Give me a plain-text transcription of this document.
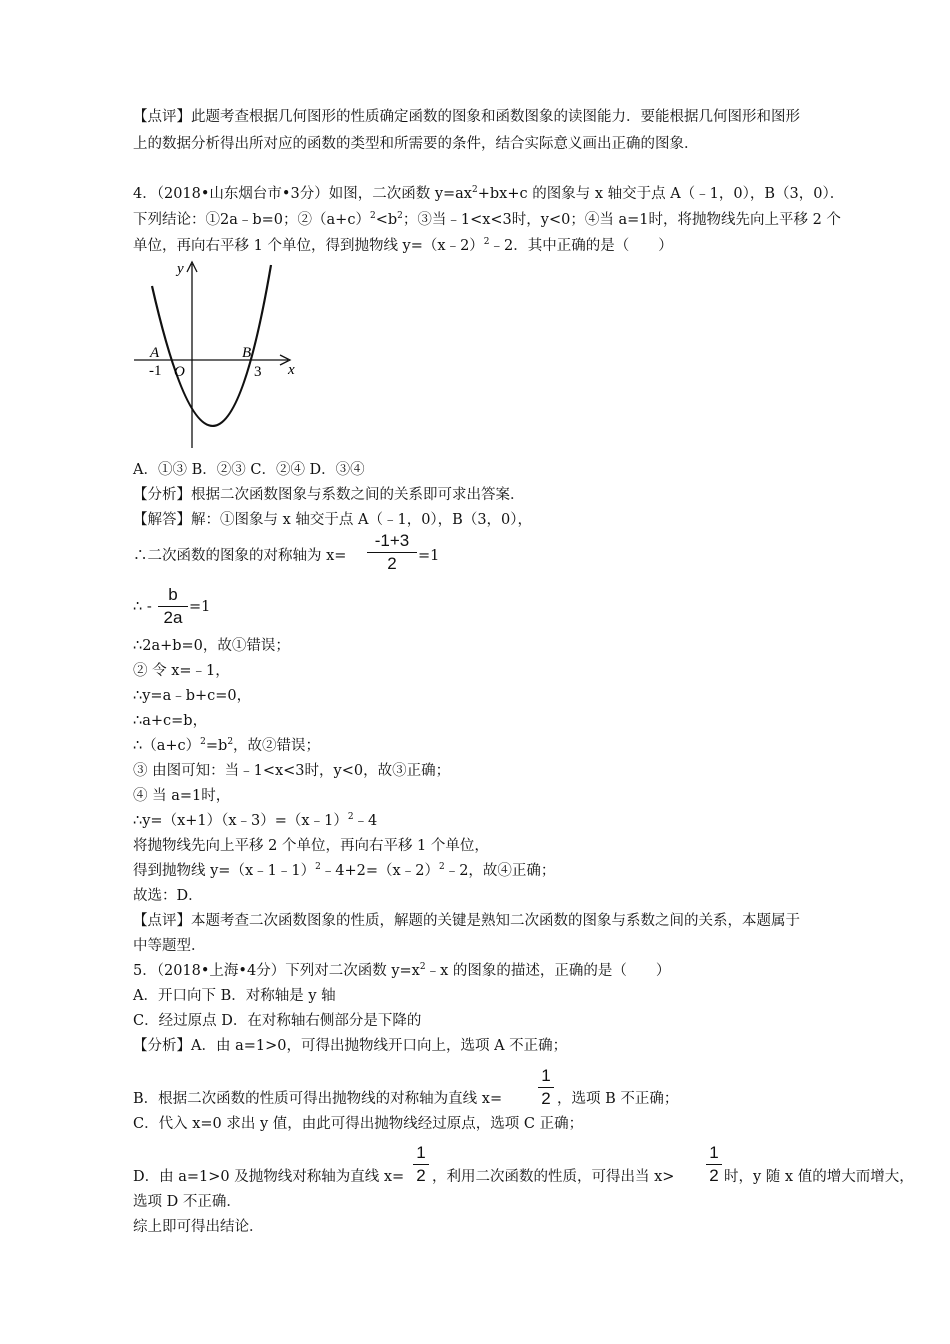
【点评】此题考查根据几何图形的性质确定函数的图象和函数图象的读图能力．要能根据几何图形和图形
上的数据分析得出所对应的函数的类型和所需要的条件，结合实际意义画出正确的图象．
4．（2018•山东烟台市•3分）如图，二次函数 $y=ax^2+bx+c$ 的图象与 x 轴交于点 A（﹣1，0），B（3，0）．
下列结论：①2a﹣b=0；$②(a+c)^2<b^2$；③当﹣1<x<3时，y<0；④当 a=1时，将抛物线先向上平移 2 个
单位，再向右平移 1 个单位，得到抛物线 y=（x﹣2）$^2$﹣2．其中正确的是（　　）
y
x
A	B
O
-1	3
A．①③ B．②③ C．②④ D．③④
【分析】根据二次函数图象与系数之间的关系即可求出答案．
【解答】解：①图象与 x 轴交于点 A（﹣1，0），B（3，0），
∴二次函数的图象的对称轴为 x=
-1+3
2	=1
∴ -
b
2a
=1
∴2a+b=0，故①错误；
② 令 x=﹣1，
∴y=a﹣b+c=0，
∴a+c=b，
$\therefore(a+c)^2=b^2$，故②错误；
③ 由图可知：当﹣1<x<3时，y<0，故③正确；
④ 当 a=1时，
∴y=（x+1）（x﹣3）=（x﹣1）$^2$﹣4
将抛物线先向上平移 2 个单位，再向右平移 1 个单位，
得到抛物线 y=（x﹣1﹣1）$^2$﹣4+2=（x﹣2）$^2$﹣2，故④正确；
故选：D．
【点评】本题考查二次函数图象的性质，解题的关键是熟知二次函数的图象与系数之间的关系，本题属于
中等题型．
5．（2018•上海•4分）下列对二次函数 $y=x^2﹣x$ 的图象的描述，正确的是（　　）
A．开口向下 B．对称轴是 y 轴
C．经过原点 D．在对称轴右侧部分是下降的
【分析】A．由 a=1>0，可得出抛物线开口向上，选项 A 不正确；
B．根据二次函数的性质可得出抛物线的对称轴为直线 x=
1
2 ，选项 B 不正确；
C．代入 x=0 求出 y 值，由此可得出抛物线经过原点，选项 C 正确；
D．由 a=1>0 及抛物线对称轴为直线 x=
1
2 ，利用二次函数的性质，可得出当 x>
1
2 时，y 随 x 值的增大而增大，
选项 D 不正确．
综上即可得出结论．
